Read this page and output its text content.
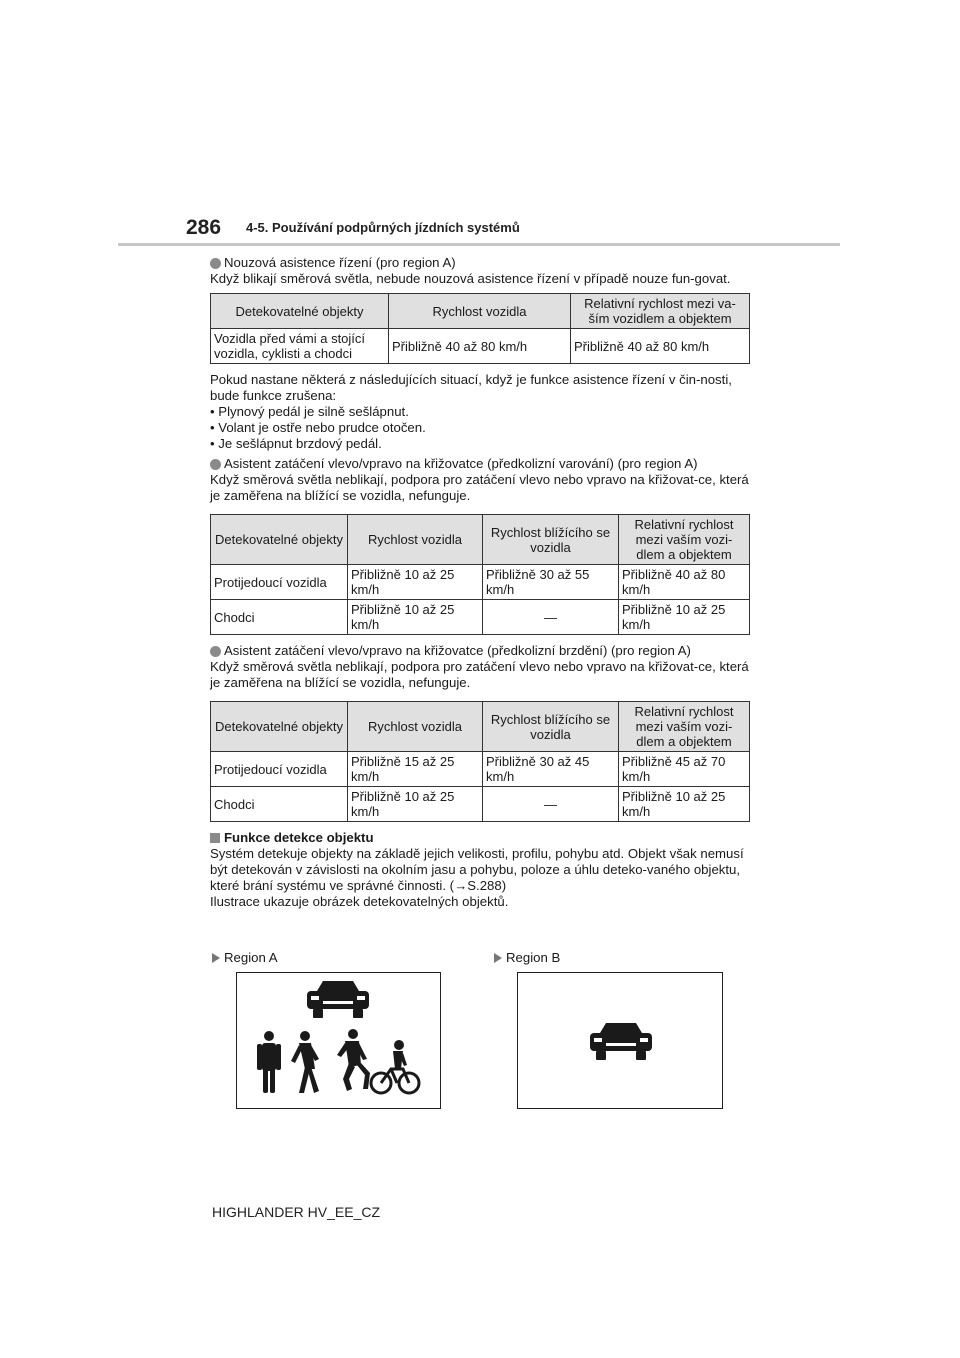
286 4-5. Používání podpůrných jízdních systémů
Nouzová asistence řízení (pro region A)

Když blikají směrová světla, nebude nouzová asistence řízení v případě nouze fun-govat.

Detekovatelné objekty	Rychlost vozidla	Relativní rychlost mezi va-ším vozidlem a objektem
Vozidla před vámi a stojící vozidla, cyklisti a chodci	Přibližně 40 až 80 km/h	Přibližně 40 až 80 km/h

Pokud nastane některá z následujících situací, když je funkce asistence řízení v čin-nosti, bude funkce zrušena:

• Plynový pedál je silně sešlápnut.
• Volant je ostře nebo prudce otočen.
• Je sešlápnut brzdový pedál.
Asistent zatáčení vlevo/vpravo na křižovatce (předkolizní varování) (pro region A)

Když směrová světla neblikají, podpora pro zatáčení vlevo nebo vpravo na křižovat-ce, která je zaměřena na blížící se vozidla, nefunguje.

Detekovatelné objekty	Rychlost vozidla	Rychlost blížícího se vozidla	Relativní rychlost mezi vaším vozi-dlem a objektem
Protijedoucí vozidla	Přibližně 10 až 25 km/h	Přibližně 30 až 55 km/h	Přibližně 40 až 80 km/h
Chodci	Přibližně 10 až 25 km/h	—	Přibližně 10 až 25 km/h
Asistent zatáčení vlevo/vpravo na křižovatce (předkolizní brzdění) (pro region A)

Když směrová světla neblikají, podpora pro zatáčení vlevo nebo vpravo na křižovat-ce, která je zaměřena na blížící se vozidla, nefunguje.

Detekovatelné objekty	Rychlost vozidla	Rychlost blížícího se vozidla	Relativní rychlost mezi vaším vozi-dlem a objektem
Protijedoucí vozidla	Přibližně 15 až 25 km/h	Přibližně 30 až 45 km/h	Přibližně 45 až 70 km/h
Chodci	Přibližně 10 až 25 km/h	—	Přibližně 10 až 25 km/h
Funkce detekce objektu

Systém detekuje objekty na základě jejich velikosti, profilu, pohybu atd. Objekt však nemusí být detekován v závislosti na okolním jasu a pohybu, poloze a úhlu deteko-vaného objektu, které brání systému ve správné činnosti. (→S.288)

Ilustrace ukazuje obrázek detekovatelných objektů.

Region A	Region B
HIGHLANDER HV_EE_CZ
